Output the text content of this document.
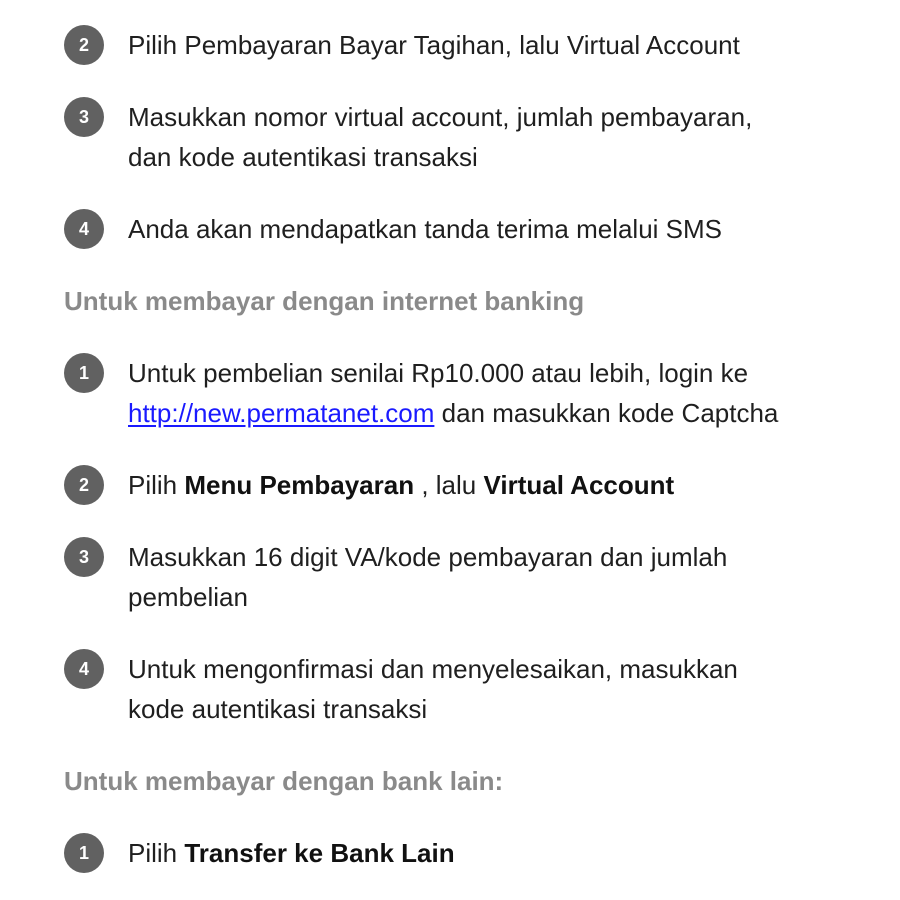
2	Pilih Pembayaran Bayar Tagihan, lalu Virtual Account
3	Masukkan nomor virtual account, jumlah pembayaran,
dan kode autentikasi transaksi
4	Anda akan mendapatkan tanda terima melalui SMS
Untuk membayar dengan internet banking
1	Untuk pembelian senilai Rp10.000 atau lebih, login ke
http://new.permatanet.com dan masukkan kode Captcha
2	Pilih Menu Pembayaran , lalu Virtual Account
3	Masukkan 16 digit VA/kode pembayaran dan jumlah
pembelian
4	Untuk mengonfirmasi dan menyelesaikan, masukkan
kode autentikasi transaksi
Untuk membayar dengan bank lain:
1	Pilih Transfer ke Bank Lain
